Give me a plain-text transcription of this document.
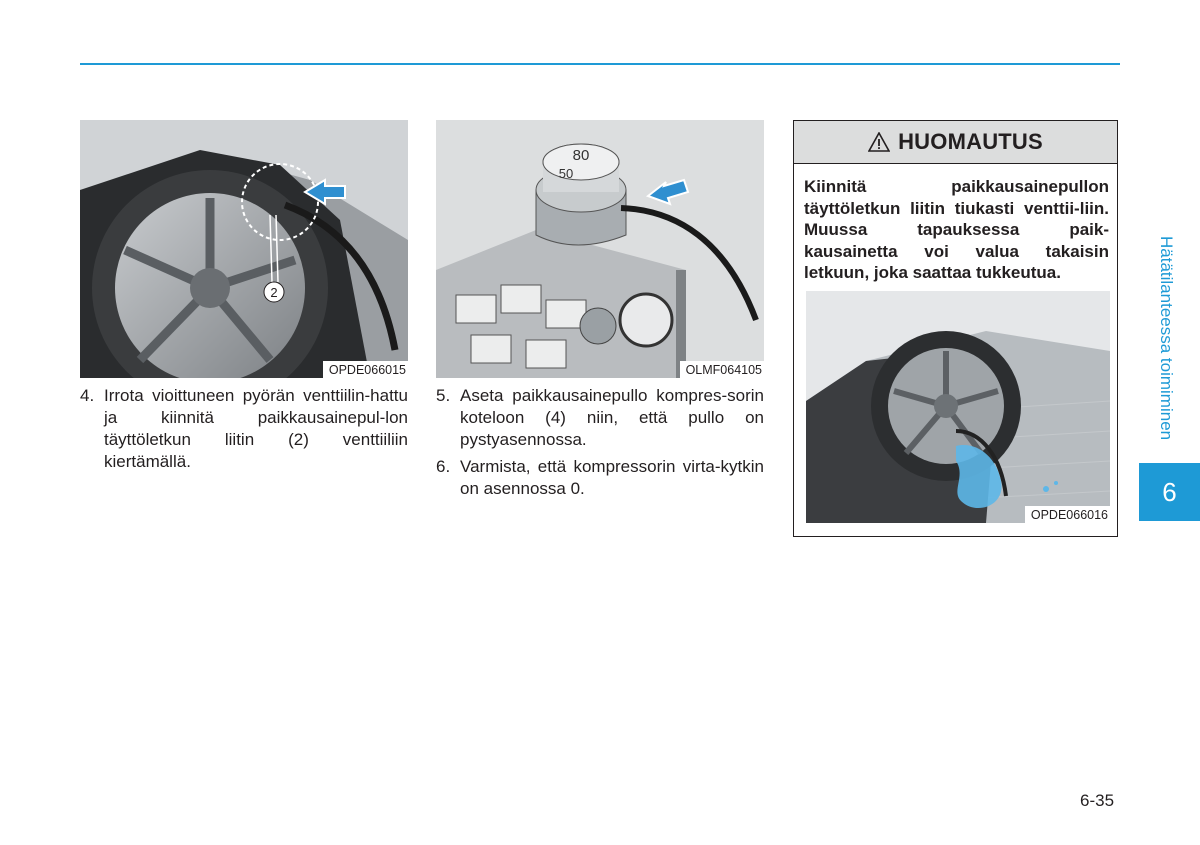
2
OPDE066015
80
50
OLMF064105

4. Irrota vioittuneen pyörän venttiilin-hattu ja kiinnitä paikkausainepul-lon täyttöletkun liitin (2) venttiiliin kiertämällä.

5. Aseta paikkausainepullo kompres-sorin koteloon (4) niin, että pullo on pystyasennossa.

6. Varmista, että kompressorin virta-kytkin on asennossa 0.

HUOMAUTUS
Kiinnitä paikkausainepullon täyttöletkun liitin tiukasti venttii-liin. Muussa tapauksessa paik-kausainetta voi valua takaisin letkuun, joka saattaa tukkeutua.
OPDE066016
Hätätilanteessa toimiminen
6
6-35
